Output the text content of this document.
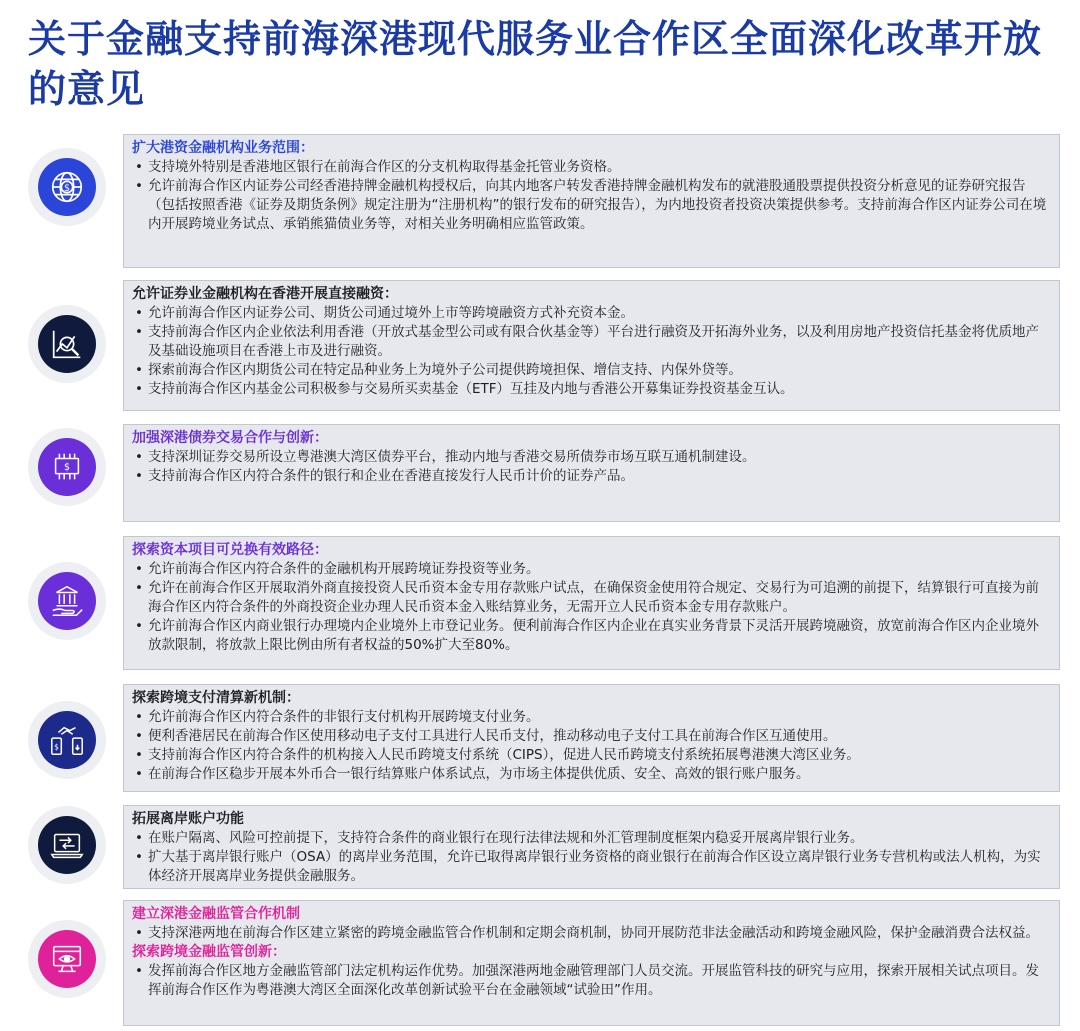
关于金融支持前海深港现代服务业合作区全面深化改革开放的意见
$
扩大港资金融机构业务范围：
• 支持境外特别是香港地区银行在前海合作区的分支机构取得基金托管业务资格。
• 允许前海合作区内证券公司经香港持牌金融机构授权后，向其内地客户转发香港持牌金融机构发布的就港股通股票提供投资分析意见的证券研究报告（包括按照香港《证券及期货条例》规定注册为“注册机构”的银行发布的研究报告），为内地投资者投资决策提供参考。支持前海合作区内证券公司在境内开展跨境业务试点、承销熊猫债业务等，对相关业务明确相应监管政策。
允许证券业金融机构在香港开展直接融资：
• 允许前海合作区内证券公司、期货公司通过境外上市等跨境融资方式补充资本金。
• 支持前海合作区内企业依法利用香港（开放式基金型公司或有限合伙基金等）平台进行融资及开拓海外业务，以及利用房地产投资信托基金将优质地产及基础设施项目在香港上市及进行融资。
• 探索前海合作区内期货公司在特定品种业务上为境外子公司提供跨境担保、增信支持、内保外贷等。
• 支持前海合作区内基金公司积极参与交易所买卖基金（ETF）互挂及内地与香港公开募集证券投资基金互认。
$
加强深港债券交易合作与创新：
• 支持深圳证券交易所设立粤港澳大湾区债券平台，推动内地与香港交易所债券市场互联互通机制建设。
• 支持前海合作区内符合条件的银行和企业在香港直接发行人民币计价的证券产品。
探索资本项目可兑换有效路径：
• 允许前海合作区内符合条件的金融机构开展跨境证券投资等业务。
• 允许在前海合作区开展取消外商直接投资人民币资本金专用存款账户试点，在确保资金使用符合规定、交易行为可追溯的前提下，结算银行可直接为前海合作区内符合条件的外商投资企业办理人民币资本金入账结算业务，无需开立人民币资本金专用存款账户。
• 允许前海合作区内商业银行办理境内企业境外上市登记业务。便利前海合作区内企业在真实业务背景下灵活开展跨境融资，放宽前海合作区内企业境外放款限制，将放款上限比例由所有者权益的50%扩大至80%。
$
探索跨境支付清算新机制：
• 允许前海合作区内符合条件的非银行支付机构开展跨境支付业务。
• 便利香港居民在前海合作区使用移动电子支付工具进行人民币支付，推动移动电子支付工具在前海合作区互通使用。
• 支持前海合作区内符合条件的机构接入人民币跨境支付系统（CIPS），促进人民币跨境支付系统拓展粤港澳大湾区业务。
• 在前海合作区稳步开展本外币合一银行结算账户体系试点，为市场主体提供优质、安全、高效的银行账户服务。
拓展离岸账户功能
• 在账户隔离、风险可控前提下，支持符合条件的商业银行在现行法律法规和外汇管理制度框架内稳妥开展离岸银行业务。
• 扩大基于离岸银行账户（OSA）的离岸业务范围，允许已取得离岸银行业务资格的商业银行在前海合作区设立离岸银行业务专营机构或法人机构，为实体经济开展离岸业务提供金融服务。
建立深港金融监管合作机制
• 支持深港两地在前海合作区建立紧密的跨境金融监管合作机制和定期会商机制，协同开展防范非法金融活动和跨境金融风险，保护金融消费合法权益。
探索跨境金融监管创新：
• 发挥前海合作区地方金融监管部门法定机构运作优势。加强深港两地金融管理部门人员交流。开展监管科技的研究与应用，探索开展相关试点项目。发挥前海合作区作为粤港澳大湾区全面深化改革创新试验平台在金融领域“试验田”作用。
